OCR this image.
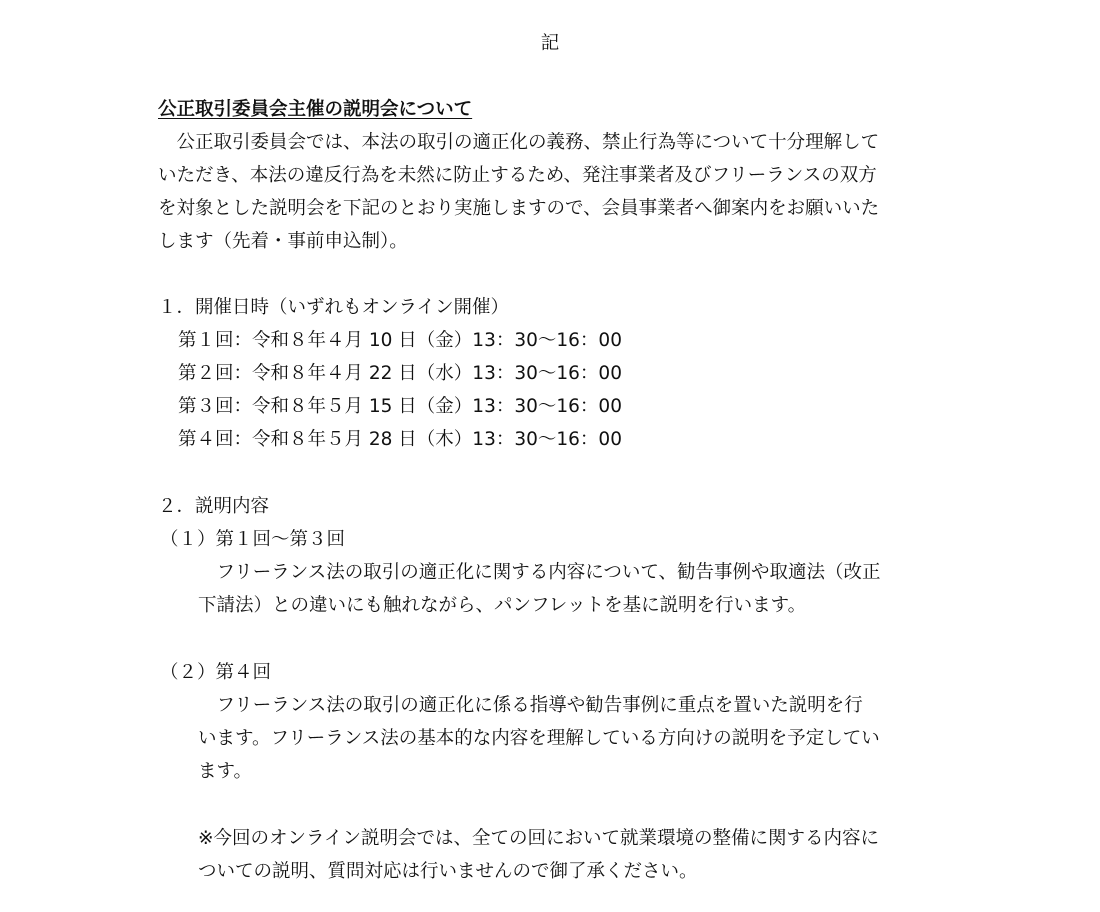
記
公正取引委員会主催の説明会について
　公正取引委員会では、本法の取引の適正化の義務、禁止行為等について十分理解して
いただき、本法の違反行為を未然に防止するため、発注事業者及びフリーランスの双方
を対象とした説明会を下記のとおり実施しますので、会員事業者へ御案内をお願いいた
します（先着・事前申込制）。
１．開催日時（いずれもオンライン開催）
第１回：令和８年４月 10 日（金）13：30～16：00
第２回：令和８年４月 22 日（水）13：30～16：00
第３回：令和８年５月 15 日（金）13：30～16：00
第４回：令和８年５月 28 日（木）13：30～16：00
２．説明内容
（１）第１回～第３回
　フリーランス法の取引の適正化に関する内容について、勧告事例や取適法（改正
下請法）との違いにも触れながら、パンフレットを基に説明を行います。
（２）第４回
　フリーランス法の取引の適正化に係る指導や勧告事例に重点を置いた説明を行
います。フリーランス法の基本的な内容を理解している方向けの説明を予定してい
ます。
※今回のオンライン説明会では、全ての回において就業環境の整備に関する内容に
ついての説明、質問対応は行いませんので御了承ください。
